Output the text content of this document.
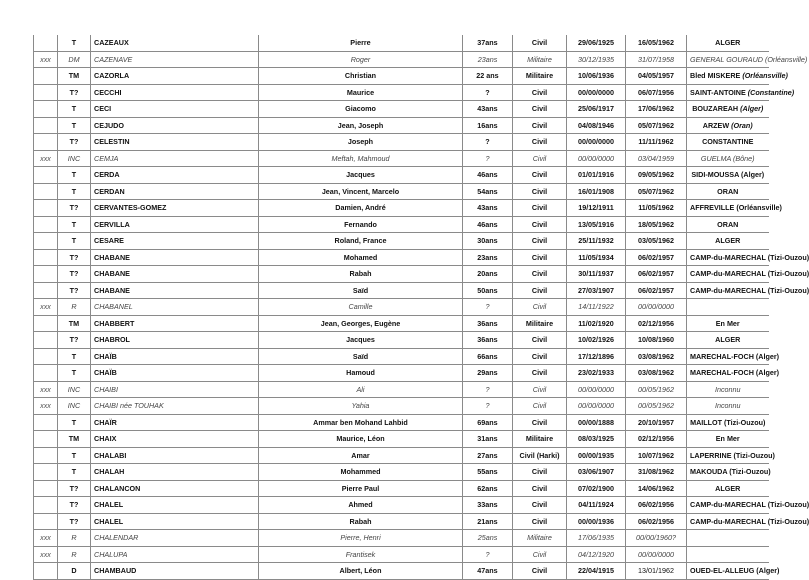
	T	CAZEAUX	Pierre	37ans	Civil	29/06/1925	16/05/1962	ALGER
xxx	DM	CAZENAVE	Roger	23ans	Militaire	30/12/1935	31/07/1958	GENERAL GOURAUD (Orléansville)
	TM	CAZORLA	Christian	22 ans	Militaire	10/06/1936	04/05/1957	Bled MISKERE (Orléansville)
	T?	CECCHI	Maurice	?	Civil	00/00/0000	06/07/1956	SAINT-ANTOINE (Constantine)
	T	CECI	Giacomo	43ans	Civil	25/06/1917	17/06/1962	BOUZAREAH (Alger)
	T	CEJUDO	Jean, Joseph	16ans	Civil	04/08/1946	05/07/1962	ARZEW (Oran)
	T?	CELESTIN	Joseph	?	Civil	00/00/0000	11/11/1962	CONSTANTINE
xxx	INC	CEMJA	Meftah, Mahmoud	?	Civil	00/00/0000	03/04/1959	GUELMA (Bône)
	T	CERDA	Jacques	46ans	Civil	01/01/1916	09/05/1962	SIDI-MOUSSA (Alger)
	T	CERDAN	Jean, Vincent, Marcelo	54ans	Civil	16/01/1908	05/07/1962	ORAN
	T?	CERVANTES-GOMEZ	Damien, André	43ans	Civil	19/12/1911	11/05/1962	AFFREVILLE (Orléansville)
	T	CERVILLA	Fernando	46ans	Civil	13/05/1916	18/05/1962	ORAN
	T	CESARE	Roland, France	30ans	Civil	25/11/1932	03/05/1962	ALGER
	T?	CHABANE	Mohamed	23ans	Civil	11/05/1934	06/02/1957	CAMP-du-MARECHAL (Tizi-Ouzou)
	T?	CHABANE	Rabah	20ans	Civil	30/11/1937	06/02/1957	CAMP-du-MARECHAL (Tizi-Ouzou)
	T?	CHABANE	Saïd	50ans	Civil	27/03/1907	06/02/1957	CAMP-du-MARECHAL (Tizi-Ouzou)
xxx	R	CHABANEL	Camille	?	Civil	14/11/1922	00/00/0000	
	TM	CHABBERT	Jean, Georges, Eugène	36ans	Militaire	11/02/1920	02/12/1956	En Mer
	T?	CHABROL	Jacques	36ans	Civil	10/02/1926	10/08/1960	ALGER
	T	CHAÏB	Saïd	66ans	Civil	17/12/1896	03/08/1962	MARECHAL-FOCH (Alger)
	T	CHAÏB	Hamoud	29ans	Civil	23/02/1933	03/08/1962	MARECHAL-FOCH (Alger)
xxx	INC	CHAIBI	Ali	?	Civil	00/00/0000	00/05/1962	Inconnu
xxx	INC	CHAIBI née TOUHAK	Yahia	?	Civil	00/00/0000	00/05/1962	Inconnu
	T	CHAÏR	Ammar ben Mohand Lahbid	69ans	Civil	00/00/1888	20/10/1957	MAILLOT (Tizi-Ouzou)
	TM	CHAIX	Maurice, Léon	31ans	Militaire	08/03/1925	02/12/1956	En Mer
	T	CHALABI	Amar	27ans	Civil (Harki)	00/00/1935	10/07/1962	LAPERRINE (Tizi-Ouzou)
	T	CHALAH	Mohammed	55ans	Civil	03/06/1907	31/08/1962	MAKOUDA (Tizi-Ouzou)
	T?	CHALANCON	Pierre Paul	62ans	Civil	07/02/1900	14/06/1962	ALGER
	T?	CHALEL	Ahmed	33ans	Civil	04/11/1924	06/02/1956	CAMP-du-MARECHAL (Tizi-Ouzou)
	T?	CHALEL	Rabah	21ans	Civil	00/00/1936	06/02/1956	CAMP-du-MARECHAL (Tizi-Ouzou)
xxx	R	CHALENDAR	Pierre, Henri	25ans	Militaire	17/06/1935	00/00/1960?	
xxx	R	CHALUPA	Frantisek	?	Civil	04/12/1920	00/00/0000	
	D	CHAMBAUD	Albert, Léon	47ans	Civil	22/04/1915	13/01/1962	OUED-EL-ALLEUG (Alger)
